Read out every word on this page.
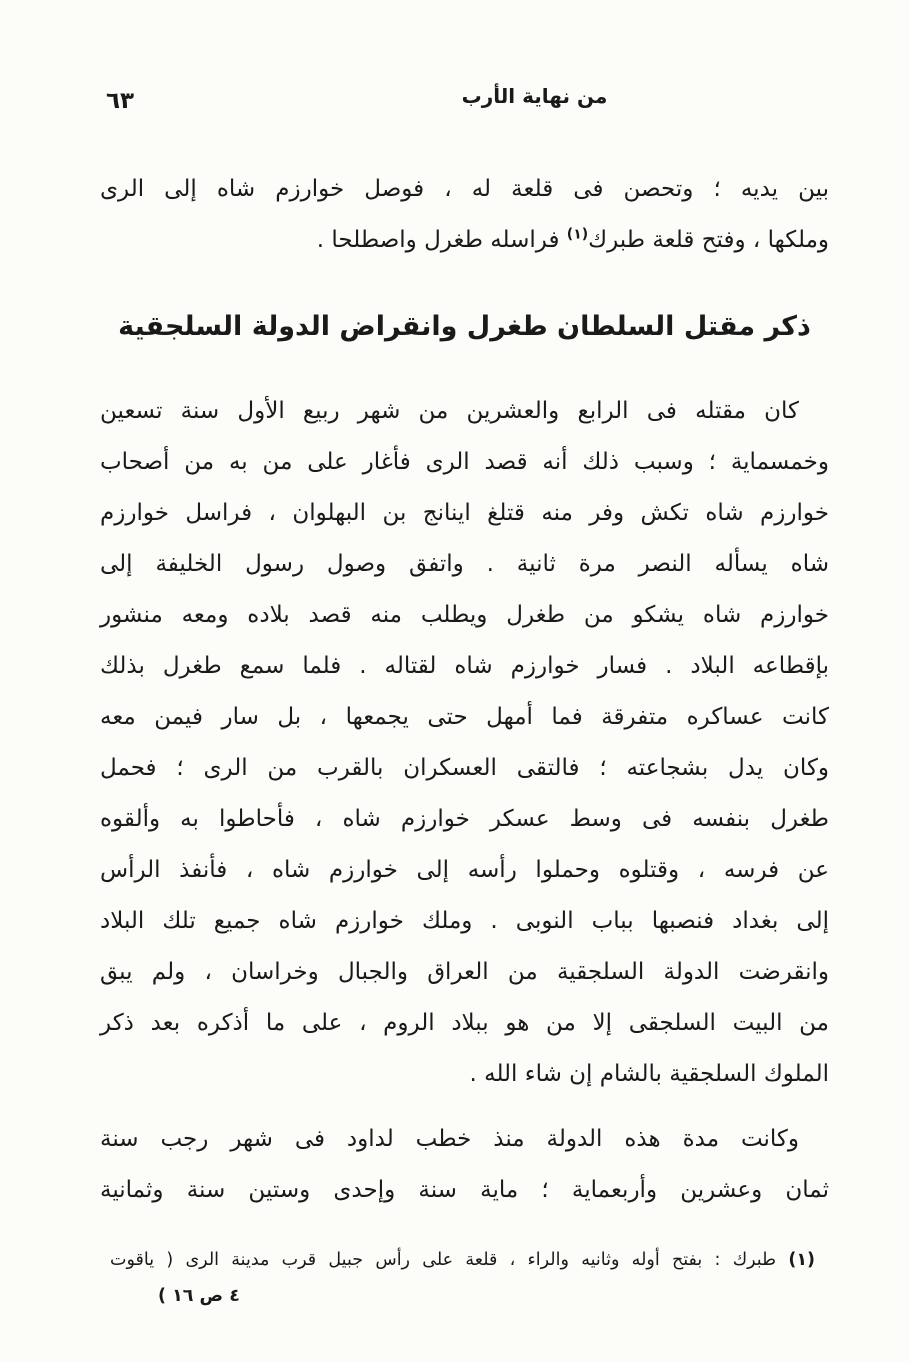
٦٣	من نهاية الأرب
بين يديه ؛ وتحصن فى قلعة له ، فوصل خوارزم شاه إلى الرى
وملكها ، وفتح قلعة طبرك$^{(١)}$ فراسله طغرل واصطلحا .
ذكر مقتل السلطان طغرل وانقراض الدولة السلجقية
كان مقتله فى الرابع والعشرين من شهر ربيع الأول سنة تسعين
وخمسماية ؛ وسبب ذلك أنه قصد الرى فأغار على من به من أصحاب
خوارزم شاه تكش وفر منه قتلغ اينانج بن البهلوان ، فراسل خوارزم
شاه يسأله النصر مرة ثانية . واتفق وصول رسول الخليفة إلى
خوارزم شاه يشكو من طغرل ويطلب منه قصد بلاده ومعه منشور
بإقطاعه البلاد . فسار خوارزم شاه لقتاله . فلما سمع طغرل بذلك
كانت عساكره متفرقة فما أمهل حتى يجمعها ، بل سار فيمن معه
وكان يدل بشجاعته ؛ فالتقى العسكران بالقرب من الرى ؛ فحمل
طغرل بنفسه فى وسط عسكر خوارزم شاه ، فأحاطوا به وألقوه
عن فرسه ، وقتلوه وحملوا رأسه إلى خوارزم شاه ، فأنفذ الرأس
إلى بغداد فنصبها بباب النوبى . وملك خوارزم شاه جميع تلك البلاد
وانقرضت الدولة السلجقية من العراق والجبال وخراسان ، ولم يبق
من البيت السلجقى إلا من هو ببلاد الروم ، على ما أذكره بعد ذكر
الملوك السلجقية بالشام إن شاء الله .
وكانت مدة هذه الدولة منذ خطب لداود فى شهر رجب سنة
ثمان وعشرين وأربعماية ؛ ماية سنة وإحدى وستين سنة وثمانية
(١) طبرك : بفتح أوله وثانيه والراء ، قلعة على رأس جبيل قرب مدينة الرى ( ياقوت
٤ ص ١٦ )
